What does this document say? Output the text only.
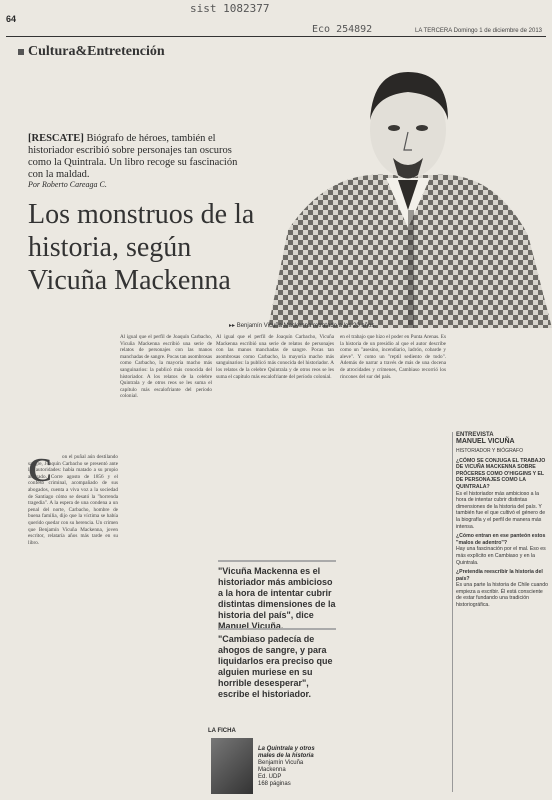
sist 1082377
Eco 254892
64
LA TERCERA Domingo 1 de diciembre de 2013
Cultura&Entretención
[RESCATE] Biógrafo de héroes, también el historiador escribió sobre personajes tan oscuros como la Quintrala. Un libro recoge su fascinación con la maldad.
Por Roberto Careaga C.
Los monstruos de la historia, según Vicuña Mackenna
▸▸ Benjamín Vicuña Mackenna retratado a los 20 años.
C	on el puñal aún destilando sangre, Joaquín Carbacho se presentó ante las autoridades: había matado a su propio abogado. Corre agosto de 1856 y el confeso criminal, acompañado de sus abogados, cuenta a viva voz a la sociedad de Santiago cómo se desató la "horrenda tragedia". A la espera de una condena a un penal del norte, Carbacho, hombre de buena familia, dijo que la víctima se había querido quedar con su herencia. Un crimen que Benjamín Vicuña Mackenna, joven escritor, relataría años más tarde en su libro.
Al igual que el perfil de Joaquín Carbacho, Vicuña Mackenna escribió una serie de relatos de personajes con las manos manchadas de sangre. Pocas tan asombrosas como Carbacho, la mayoría macho más sanguinarios: la publicó más conocida del historiador. A los relatos de la celebre Quintrala y de otros reos se les suma el capítulo más escalofriante del período colonial.
en el trabajo que hizo el poder en Punta Arenas. Es la historia de un presidio al que el autor describe como un "asesino, incendiario, ladrón, cobarde y aleve". Y como un "reptil sediento de todo". Además de narrar a través de más de una docena de atrocidades y crímenes, Cambiaso recorrió los rincones del sur del país.
Al igual que el perfil de Joaquín Carbacho, Vicuña Mackenna escribió una serie de relatos de personajes con las manos manchadas de sangre. Pocas tan asombrosas como Carbacho, la mayoría macho más sanguinarios: la publicó más conocida del historiador. A los relatos de la celebre Quintrala y de otros reos se les suma el capítulo más escalofriante del período colonial.
"Vicuña Mackenna es el historiador más ambicioso a la hora de intentar cubrir distintas dimensiones de la historia del país", dice Manuel Vicuña.
"Cambiaso padecía de ahogos de sangre, y para liquidarlos era preciso que alguien muriese en su horrible desesperar", escribe el historiador.
LA FICHA
La Quintrala y otros males de la historia
Benjamín Vicuña Mackenna
Ed. UDP
168 páginas
ENTREVISTA
MANUEL VICUÑA
HISTORIADOR Y BIÓGRAFO
¿CÓMO SE CONJUGA EL TRABAJO DE VICUÑA MACKENNA SOBRE PRÓCERES COMO O'HIGGINS Y EL DE PERSONAJES COMO LA QUINTRALA?
Es el historiador más ambicioso a la hora de intentar cubrir distintas dimensiones de la historia del país. Y también fue el que cultivó el género de la biografía y el perfil de manera más intensa.
¿Cómo entran en ese panteón estos "malos de adentro"?
Hay una fascinación por el mal. Eso es más explícito en Cambiaso y en la Quintrala.
¿Pretendía reescribir la historia del país?
Es una parte la historia de Chile cuando empieza a escribir. Él está consciente de estar fundando una tradición historiográfica.
